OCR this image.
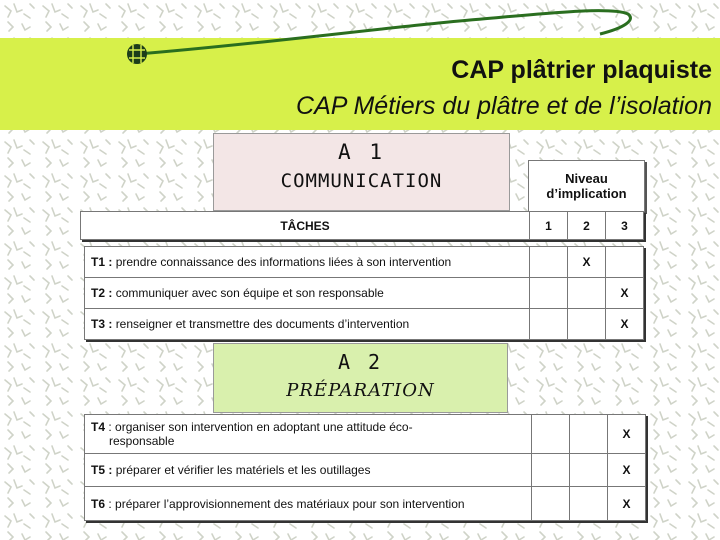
CAP plâtrier plaquiste
CAP Métiers du plâtre et de l’isolation
A 1
COMMUNICATION	Niveau
d’implication
TÂCHES	1	2	3
T1 : prendre connaissance des informations liées à son intervention		X	
T2 : communiquer avec son équipe et son responsable			X
T3 : renseigner et transmettre des documents d’intervention			X
A 2
PRÉPARATION
T4 : organiser son intervention en adoptant une attitude éco-
responsable			X
T5 : préparer et vérifier les matériels et les outillages			X
T6 : préparer l’approvisionnement des matériaux pour son intervention			X
